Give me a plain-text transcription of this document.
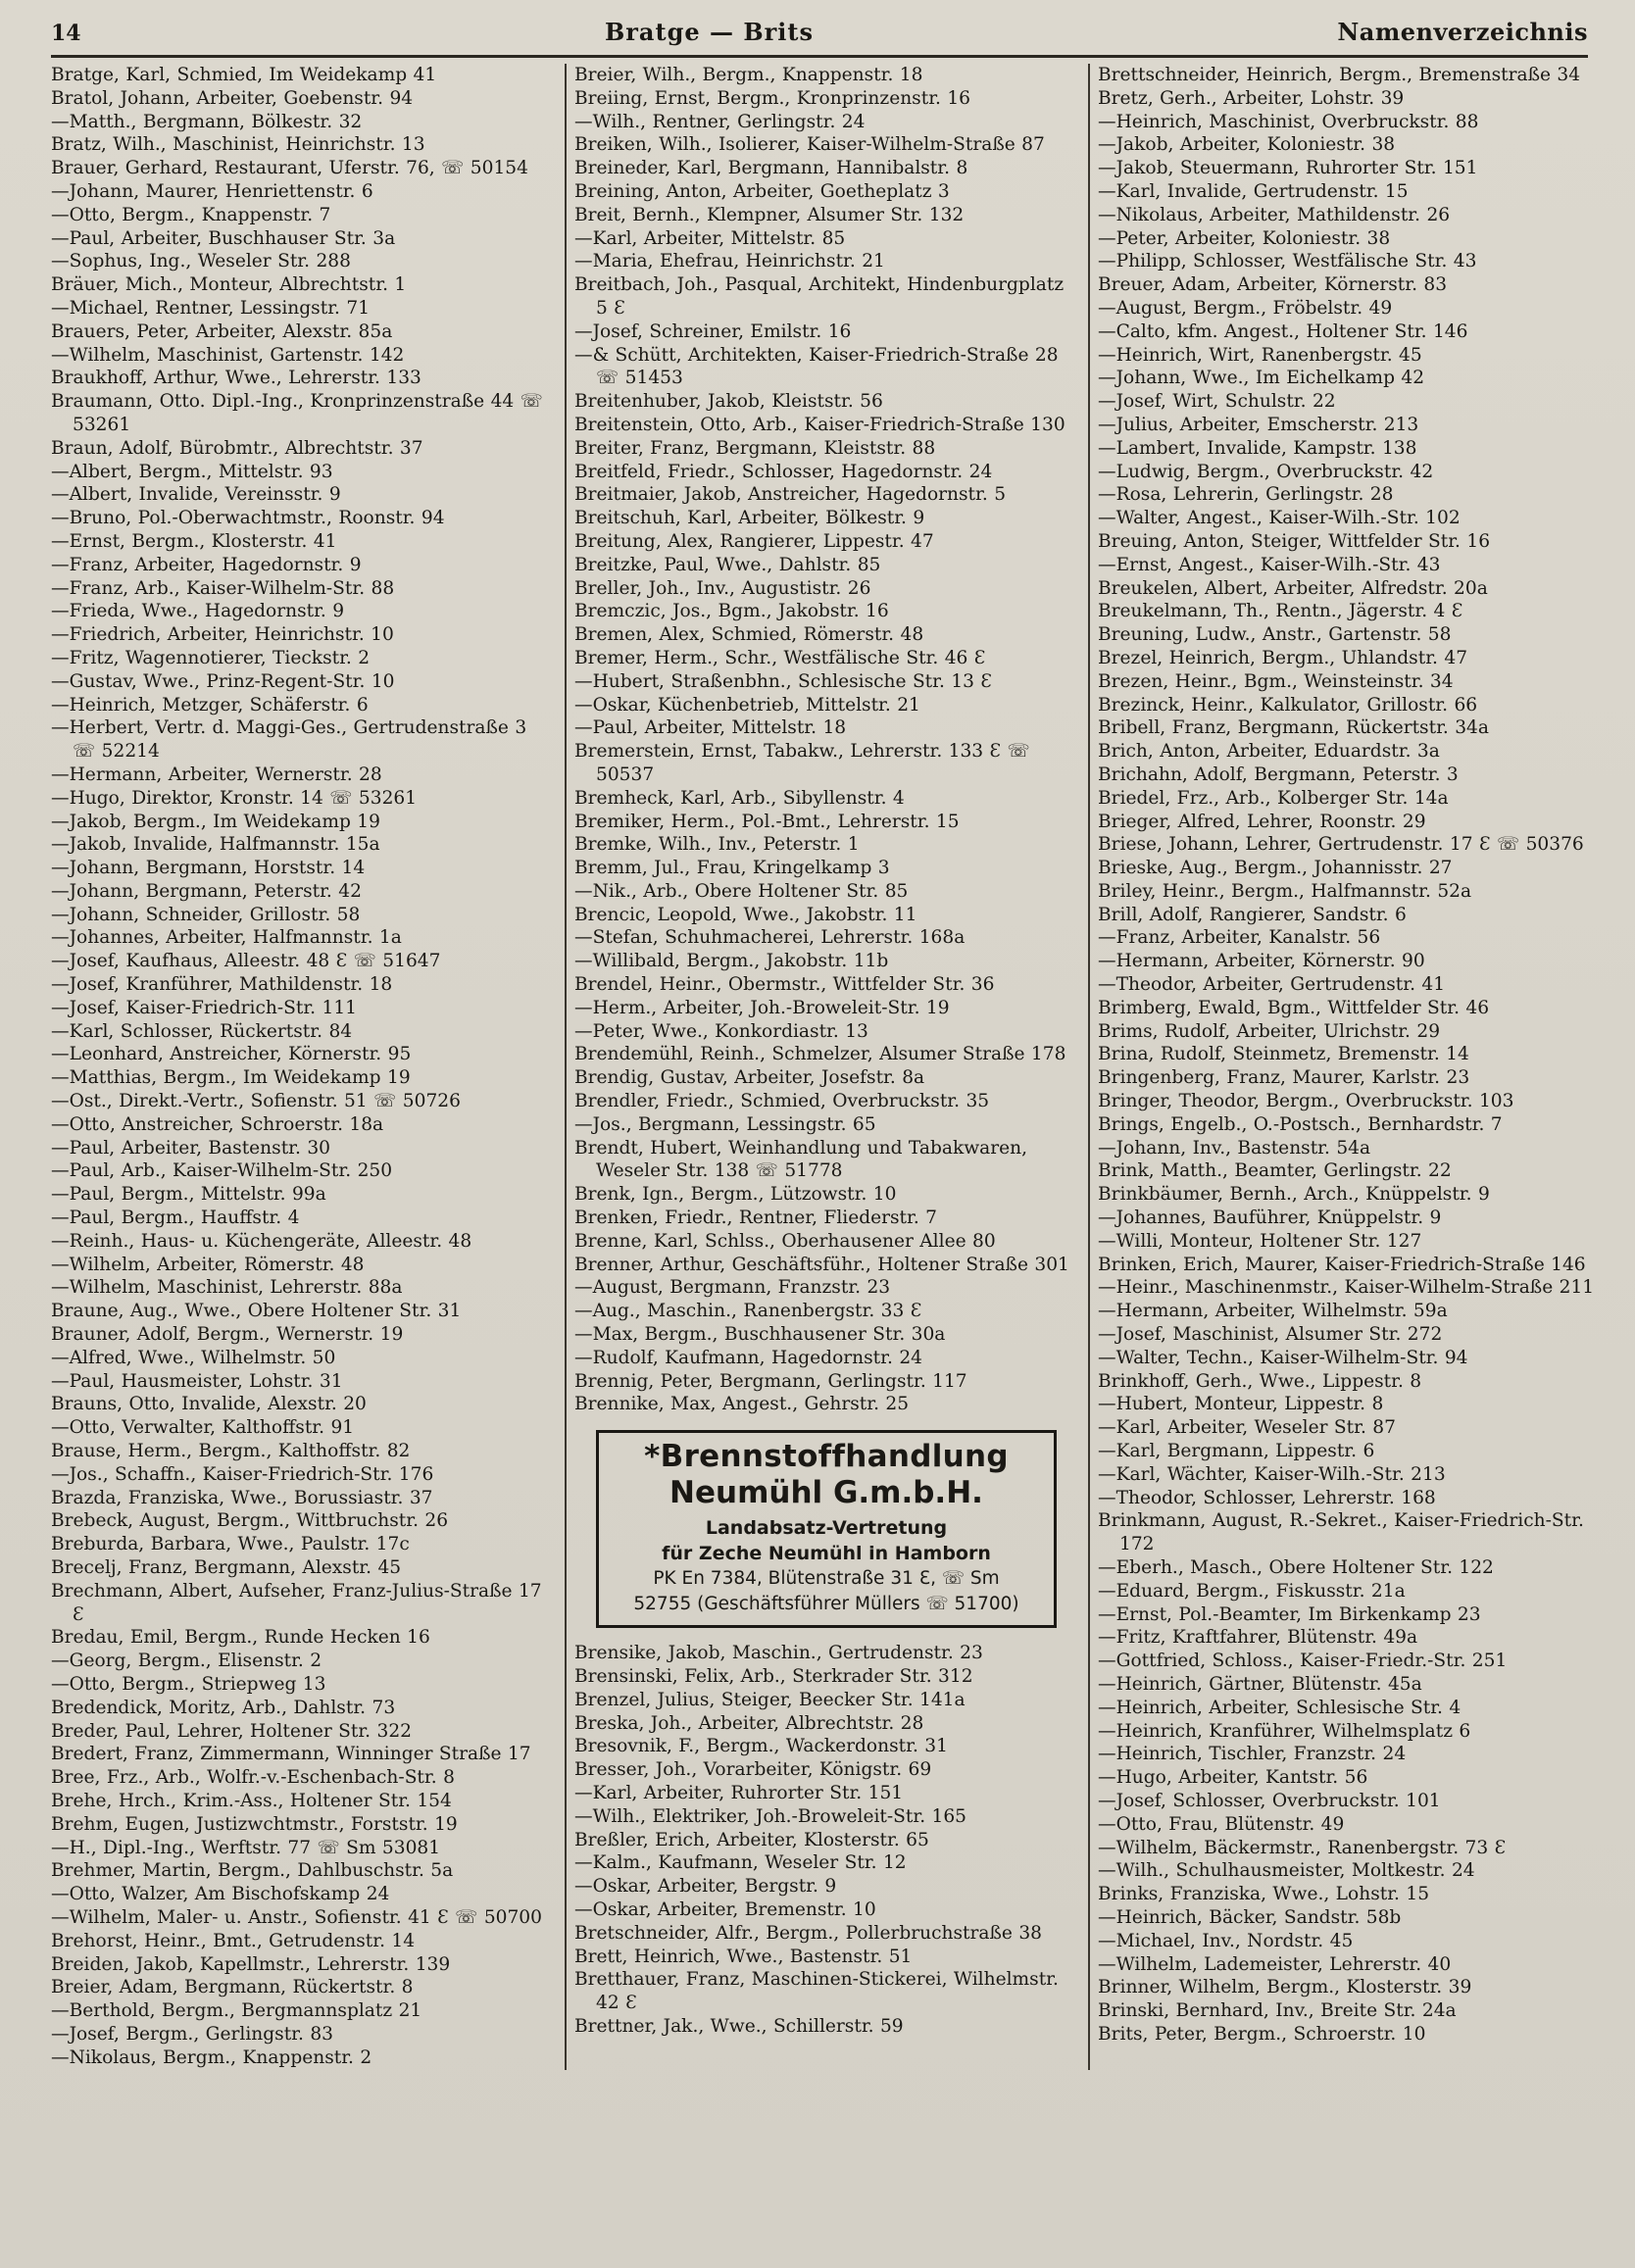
14	Bratge — Brits	Namenverzeichnis

Bratge, Karl, Schmied, Im Weidekamp 41

Bratol, Johann, Arbeiter, Goebenstr. 94

—Matth., Bergmann, Bölkestr. 32

Bratz, Wilh., Maschinist, Heinrichstr. 13

Brauer, Gerhard, Restaurant, Uferstr. 76, ☏ 50154

—Johann, Maurer, Henriettenstr. 6

—Otto, Bergm., Knappenstr. 7

—Paul, Arbeiter, Buschhauser Str. 3a

—Sophus, Ing., Weseler Str. 288

Bräuer, Mich., Monteur, Albrechtstr. 1

—Michael, Rentner, Lessingstr. 71

Brauers, Peter, Arbeiter, Alexstr. 85a

—Wilhelm, Maschinist, Gartenstr. 142

Braukhoff, Arthur, Wwe., Lehrerstr. 133

Braumann, Otto. Dipl.-Ing., Kronprinzenstraße 44 ☏ 53261

Braun, Adolf, Bürobmtr., Albrechtstr. 37

—Albert, Bergm., Mittelstr. 93

—Albert, Invalide, Vereinsstr. 9

—Bruno, Pol.-Oberwachtmstr., Roonstr. 94

—Ernst, Bergm., Klosterstr. 41

—Franz, Arbeiter, Hagedornstr. 9

—Franz, Arb., Kaiser-Wilhelm-Str. 88

—Frieda, Wwe., Hagedornstr. 9

—Friedrich, Arbeiter, Heinrichstr. 10

—Fritz, Wagennotierer, Tieckstr. 2

—Gustav, Wwe., Prinz-Regent-Str. 10

—Heinrich, Metzger, Schäferstr. 6

—Herbert, Vertr. d. Maggi-Ges., Gertrudenstraße 3 ☏ 52214

—Hermann, Arbeiter, Wernerstr. 28

—Hugo, Direktor, Kronstr. 14 ☏ 53261

—Jakob, Bergm., Im Weidekamp 19

—Jakob, Invalide, Halfmannstr. 15a

—Johann, Bergmann, Horststr. 14

—Johann, Bergmann, Peterstr. 42

—Johann, Schneider, Grillostr. 58

—Johannes, Arbeiter, Halfmannstr. 1a

—Josef, Kaufhaus, Alleestr. 48 Ɛ ☏ 51647

—Josef, Kranführer, Mathildenstr. 18

—Josef, Kaiser-Friedrich-Str. 111

—Karl, Schlosser, Rückertstr. 84

—Leonhard, Anstreicher, Körnerstr. 95

—Matthias, Bergm., Im Weidekamp 19

—Ost., Direkt.-Vertr., Sofienstr. 51 ☏ 50726

—Otto, Anstreicher, Schroerstr. 18a

—Paul, Arbeiter, Bastenstr. 30

—Paul, Arb., Kaiser-Wilhelm-Str. 250

—Paul, Bergm., Mittelstr. 99a

—Paul, Bergm., Hauffstr. 4

—Reinh., Haus- u. Küchengeräte, Alleestr. 48

—Wilhelm, Arbeiter, Römerstr. 48

—Wilhelm, Maschinist, Lehrerstr. 88a

Braune, Aug., Wwe., Obere Holtener Str. 31

Brauner, Adolf, Bergm., Wernerstr. 19

—Alfred, Wwe., Wilhelmstr. 50

—Paul, Hausmeister, Lohstr. 31

Brauns, Otto, Invalide, Alexstr. 20

—Otto, Verwalter, Kalthoffstr. 91

Brause, Herm., Bergm., Kalthoffstr. 82

—Jos., Schaffn., Kaiser-Friedrich-Str. 176

Brazda, Franziska, Wwe., Borussiastr. 37

Brebeck, August, Bergm., Wittbruchstr. 26

Breburda, Barbara, Wwe., Paulstr. 17c

Brecelj, Franz, Bergmann, Alexstr. 45

Brechmann, Albert, Aufseher, Franz-Julius-Straße 17 Ɛ

Bredau, Emil, Bergm., Runde Hecken 16

—Georg, Bergm., Elisenstr. 2

—Otto, Bergm., Striepweg 13

Bredendick, Moritz, Arb., Dahlstr. 73

Breder, Paul, Lehrer, Holtener Str. 322

Bredert, Franz, Zimmermann, Winninger Straße 17

Bree, Frz., Arb., Wolfr.-v.-Eschenbach-Str. 8

Brehe, Hrch., Krim.-Ass., Holtener Str. 154

Brehm, Eugen, Justizwchtmstr., Forststr. 19

—H., Dipl.-Ing., Werftstr. 77 ☏ Sm 53081

Brehmer, Martin, Bergm., Dahlbuschstr. 5a

—Otto, Walzer, Am Bischofskamp 24

—Wilhelm, Maler- u. Anstr., Sofienstr. 41 Ɛ ☏ 50700

Brehorst, Heinr., Bmt., Getrudenstr. 14

Breiden, Jakob, Kapellmstr., Lehrerstr. 139

Breier, Adam, Bergmann, Rückertstr. 8

—Berthold, Bergm., Bergmannsplatz 21

—Josef, Bergm., Gerlingstr. 83

—Nikolaus, Bergm., Knappenstr. 2

Breier, Wilh., Bergm., Knappenstr. 18

Breiing, Ernst, Bergm., Kronprinzenstr. 16

—Wilh., Rentner, Gerlingstr. 24

Breiken, Wilh., Isolierer, Kaiser-Wilhelm-Straße 87

Breineder, Karl, Bergmann, Hannibalstr. 8

Breining, Anton, Arbeiter, Goetheplatz 3

Breit, Bernh., Klempner, Alsumer Str. 132

—Karl, Arbeiter, Mittelstr. 85

—Maria, Ehefrau, Heinrichstr. 21

Breitbach, Joh., Pasqual, Architekt, Hindenburgplatz 5 Ɛ

—Josef, Schreiner, Emilstr. 16

—& Schütt, Architekten, Kaiser-Friedrich-Straße 28 ☏ 51453

Breitenhuber, Jakob, Kleiststr. 56

Breitenstein, Otto, Arb., Kaiser-Friedrich-Straße 130

Breiter, Franz, Bergmann, Kleiststr. 88

Breitfeld, Friedr., Schlosser, Hagedornstr. 24

Breitmaier, Jakob, Anstreicher, Hagedornstr. 5

Breitschuh, Karl, Arbeiter, Bölkestr. 9

Breitung, Alex, Rangierer, Lippestr. 47

Breitzke, Paul, Wwe., Dahlstr. 85

Breller, Joh., Inv., Augustistr. 26

Bremczic, Jos., Bgm., Jakobstr. 16

Bremen, Alex, Schmied, Römerstr. 48

Bremer, Herm., Schr., Westfälische Str. 46 Ɛ

—Hubert, Straßenbhn., Schlesische Str. 13 Ɛ

—Oskar, Küchenbetrieb, Mittelstr. 21

—Paul, Arbeiter, Mittelstr. 18

Bremerstein, Ernst, Tabakw., Lehrerstr. 133 Ɛ ☏ 50537

Bremheck, Karl, Arb., Sibyllenstr. 4

Bremiker, Herm., Pol.-Bmt., Lehrerstr. 15

Bremke, Wilh., Inv., Peterstr. 1

Bremm, Jul., Frau, Kringelkamp 3

—Nik., Arb., Obere Holtener Str. 85

Brencic, Leopold, Wwe., Jakobstr. 11

—Stefan, Schuhmacherei, Lehrerstr. 168a

—Willibald, Bergm., Jakobstr. 11b

Brendel, Heinr., Obermstr., Wittfelder Str. 36

—Herm., Arbeiter, Joh.-Broweleit-Str. 19

—Peter, Wwe., Konkordiastr. 13

Brendemühl, Reinh., Schmelzer, Alsumer Straße 178

Brendig, Gustav, Arbeiter, Josefstr. 8a

Brendler, Friedr., Schmied, Overbruckstr. 35

—Jos., Bergmann, Lessingstr. 65

Brendt, Hubert, Weinhandlung und Tabakwaren, Weseler Str. 138 ☏ 51778

Brenk, Ign., Bergm., Lützowstr. 10

Brenken, Friedr., Rentner, Fliederstr. 7

Brenne, Karl, Schlss., Oberhausener Allee 80

Brenner, Arthur, Geschäftsführ., Holtener Straße 301

—August, Bergmann, Franzstr. 23

—Aug., Maschin., Ranenbergstr. 33 Ɛ

—Max, Bergm., Buschhausener Str. 30a

—Rudolf, Kaufmann, Hagedornstr. 24

Brennig, Peter, Bergmann, Gerlingstr. 117

Brennike, Max, Angest., Gehrstr. 25

*Brennstoffhandlung
Neumühl G.m.b.H.
Landabsatz-Vertretung
für Zeche Neumühl in Hamborn
PK En 7384, Blütenstraße 31 Ɛ, ☏ Sm
52755 (Geschäftsführer Müllers ☏ 51700)

Brensike, Jakob, Maschin., Gertrudenstr. 23

Brensinski, Felix, Arb., Sterkrader Str. 312

Brenzel, Julius, Steiger, Beecker Str. 141a

Breska, Joh., Arbeiter, Albrechtstr. 28

Bresovnik, F., Bergm., Wackerdonstr. 31

Bresser, Joh., Vorarbeiter, Königstr. 69

—Karl, Arbeiter, Ruhrorter Str. 151

—Wilh., Elektriker, Joh.-Broweleit-Str. 165

Breßler, Erich, Arbeiter, Klosterstr. 65

—Kalm., Kaufmann, Weseler Str. 12

—Oskar, Arbeiter, Bergstr. 9

—Oskar, Arbeiter, Bremenstr. 10

Bretschneider, Alfr., Bergm., Pollerbruchstraße 38

Brett, Heinrich, Wwe., Bastenstr. 51

Bretthauer, Franz, Maschinen-Stickerei, Wilhelmstr. 42 Ɛ

Brettner, Jak., Wwe., Schillerstr. 59

Brettschneider, Heinrich, Bergm., Bremenstraße 34

Bretz, Gerh., Arbeiter, Lohstr. 39

—Heinrich, Maschinist, Overbruckstr. 88

—Jakob, Arbeiter, Koloniestr. 38

—Jakob, Steuermann, Ruhrorter Str. 151

—Karl, Invalide, Gertrudenstr. 15

—Nikolaus, Arbeiter, Mathildenstr. 26

—Peter, Arbeiter, Koloniestr. 38

—Philipp, Schlosser, Westfälische Str. 43

Breuer, Adam, Arbeiter, Körnerstr. 83

—August, Bergm., Fröbelstr. 49

—Calto, kfm. Angest., Holtener Str. 146

—Heinrich, Wirt, Ranenbergstr. 45

—Johann, Wwe., Im Eichelkamp 42

—Josef, Wirt, Schulstr. 22

—Julius, Arbeiter, Emscherstr. 213

—Lambert, Invalide, Kampstr. 138

—Ludwig, Bergm., Overbruckstr. 42

—Rosa, Lehrerin, Gerlingstr. 28

—Walter, Angest., Kaiser-Wilh.-Str. 102

Breuing, Anton, Steiger, Wittfelder Str. 16

—Ernst, Angest., Kaiser-Wilh.-Str. 43

Breukelen, Albert, Arbeiter, Alfredstr. 20a

Breukelmann, Th., Rentn., Jägerstr. 4 Ɛ

Breuning, Ludw., Anstr., Gartenstr. 58

Brezel, Heinrich, Bergm., Uhlandstr. 47

Brezen, Heinr., Bgm., Weinsteinstr. 34

Brezinck, Heinr., Kalkulator, Grillostr. 66

Bribell, Franz, Bergmann, Rückertstr. 34a

Brich, Anton, Arbeiter, Eduardstr. 3a

Brichahn, Adolf, Bergmann, Peterstr. 3

Briedel, Frz., Arb., Kolberger Str. 14a

Brieger, Alfred, Lehrer, Roonstr. 29

Briese, Johann, Lehrer, Gertrudenstr. 17 Ɛ ☏ 50376

Brieske, Aug., Bergm., Johannisstr. 27

Briley, Heinr., Bergm., Halfmannstr. 52a

Brill, Adolf, Rangierer, Sandstr. 6

—Franz, Arbeiter, Kanalstr. 56

—Hermann, Arbeiter, Körnerstr. 90

—Theodor, Arbeiter, Gertrudenstr. 41

Brimberg, Ewald, Bgm., Wittfelder Str. 46

Brims, Rudolf, Arbeiter, Ulrichstr. 29

Brina, Rudolf, Steinmetz, Bremenstr. 14

Bringenberg, Franz, Maurer, Karlstr. 23

Bringer, Theodor, Bergm., Overbruckstr. 103

Brings, Engelb., O.-Postsch., Bernhardstr. 7

—Johann, Inv., Bastenstr. 54a

Brink, Matth., Beamter, Gerlingstr. 22

Brinkbäumer, Bernh., Arch., Knüppelstr. 9

—Johannes, Bauführer, Knüppelstr. 9

—Willi, Monteur, Holtener Str. 127

Brinken, Erich, Maurer, Kaiser-Friedrich-Straße 146

—Heinr., Maschinenmstr., Kaiser-Wilhelm-Straße 211

—Hermann, Arbeiter, Wilhelmstr. 59a

—Josef, Maschinist, Alsumer Str. 272

—Walter, Techn., Kaiser-Wilhelm-Str. 94

Brinkhoff, Gerh., Wwe., Lippestr. 8

—Hubert, Monteur, Lippestr. 8

—Karl, Arbeiter, Weseler Str. 87

—Karl, Bergmann, Lippestr. 6

—Karl, Wächter, Kaiser-Wilh.-Str. 213

—Theodor, Schlosser, Lehrerstr. 168

Brinkmann, August, R.-Sekret., Kaiser-Friedrich-Str. 172

—Eberh., Masch., Obere Holtener Str. 122

—Eduard, Bergm., Fiskusstr. 21a

—Ernst, Pol.-Beamter, Im Birkenkamp 23

—Fritz, Kraftfahrer, Blütenstr. 49a

—Gottfried, Schloss., Kaiser-Friedr.-Str. 251

—Heinrich, Gärtner, Blütenstr. 45a

—Heinrich, Arbeiter, Schlesische Str. 4

—Heinrich, Kranführer, Wilhelmsplatz 6

—Heinrich, Tischler, Franzstr. 24

—Hugo, Arbeiter, Kantstr. 56

—Josef, Schlosser, Overbruckstr. 101

—Otto, Frau, Blütenstr. 49

—Wilhelm, Bäckermstr., Ranenbergstr. 73 Ɛ

—Wilh., Schulhausmeister, Moltkestr. 24

Brinks, Franziska, Wwe., Lohstr. 15

—Heinrich, Bäcker, Sandstr. 58b

—Michael, Inv., Nordstr. 45

—Wilhelm, Lademeister, Lehrerstr. 40

Brinner, Wilhelm, Bergm., Klosterstr. 39

Brinski, Bernhard, Inv., Breite Str. 24a

Brits, Peter, Bergm., Schroerstr. 10
